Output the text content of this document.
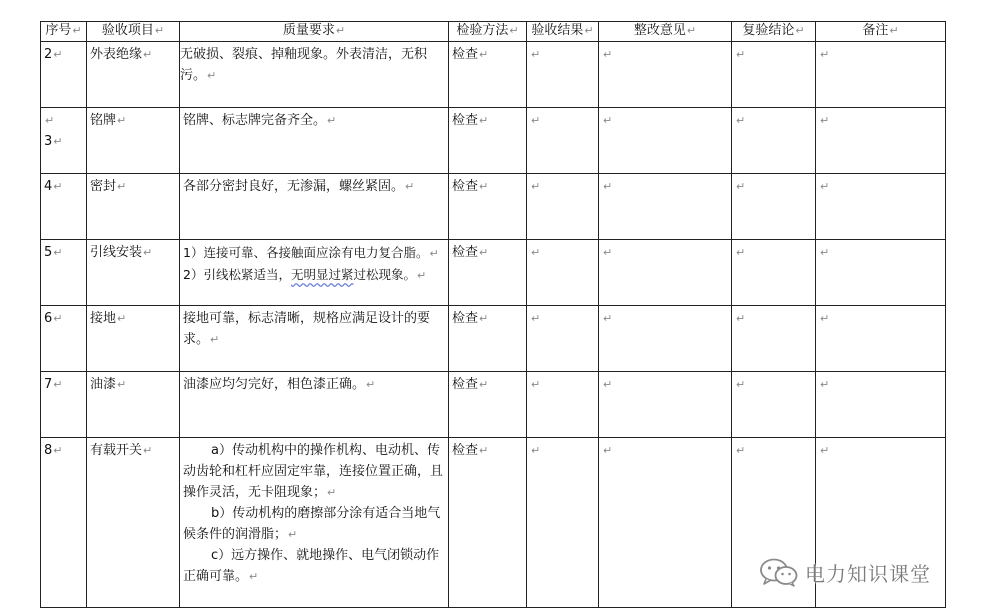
序号 ↵	验收项目 ↵	质量要求 ↵	检验方法 ↵	验收结果 ↵	整改意见 ↵	复验结论 ↵	备注 ↵
2 ↵	外表绝缘 ↵	无破损、裂痕、掉釉现象。外表清洁，无积污。 ↵	检查 ↵	↵	↵	↵	↵
↵
3 ↵	铭牌 ↵	铭牌、标志牌完备齐全。 ↵	检查 ↵	↵	↵	↵	↵
4 ↵	密封 ↵	各部分密封良好，无渗漏，螺丝紧固。 ↵	检查 ↵	↵	↵	↵	↵
5 ↵	引线安装 ↵	1）连接可靠、各接触面应涂有电力复合脂。 ↵
2）引线松紧适当，无明显过紧过松现象。 ↵	检查 ↵	↵	↵	↵	↵
6 ↵	接地 ↵	接地可靠，标志清晰，规格应满足设计的要求。 ↵	检查 ↵	↵	↵	↵	↵
7 ↵	油漆 ↵	油漆应均匀完好，相色漆正确。 ↵	检查 ↵	↵	↵	↵	↵
8 ↵	有载开关 ↵	a）传动机构中的操作机构、电动机、传动齿轮和杠杆应固定牢靠，连接位置正确，且操作灵活，无卡阻现象； ↵
b）传动机构的磨擦部分涂有适合当地气候条件的润滑脂； ↵
c）远方操作、就地操作、电气闭锁动作正确可靠。 ↵	检查 ↵	↵	↵	↵	↵
电力知识课堂
